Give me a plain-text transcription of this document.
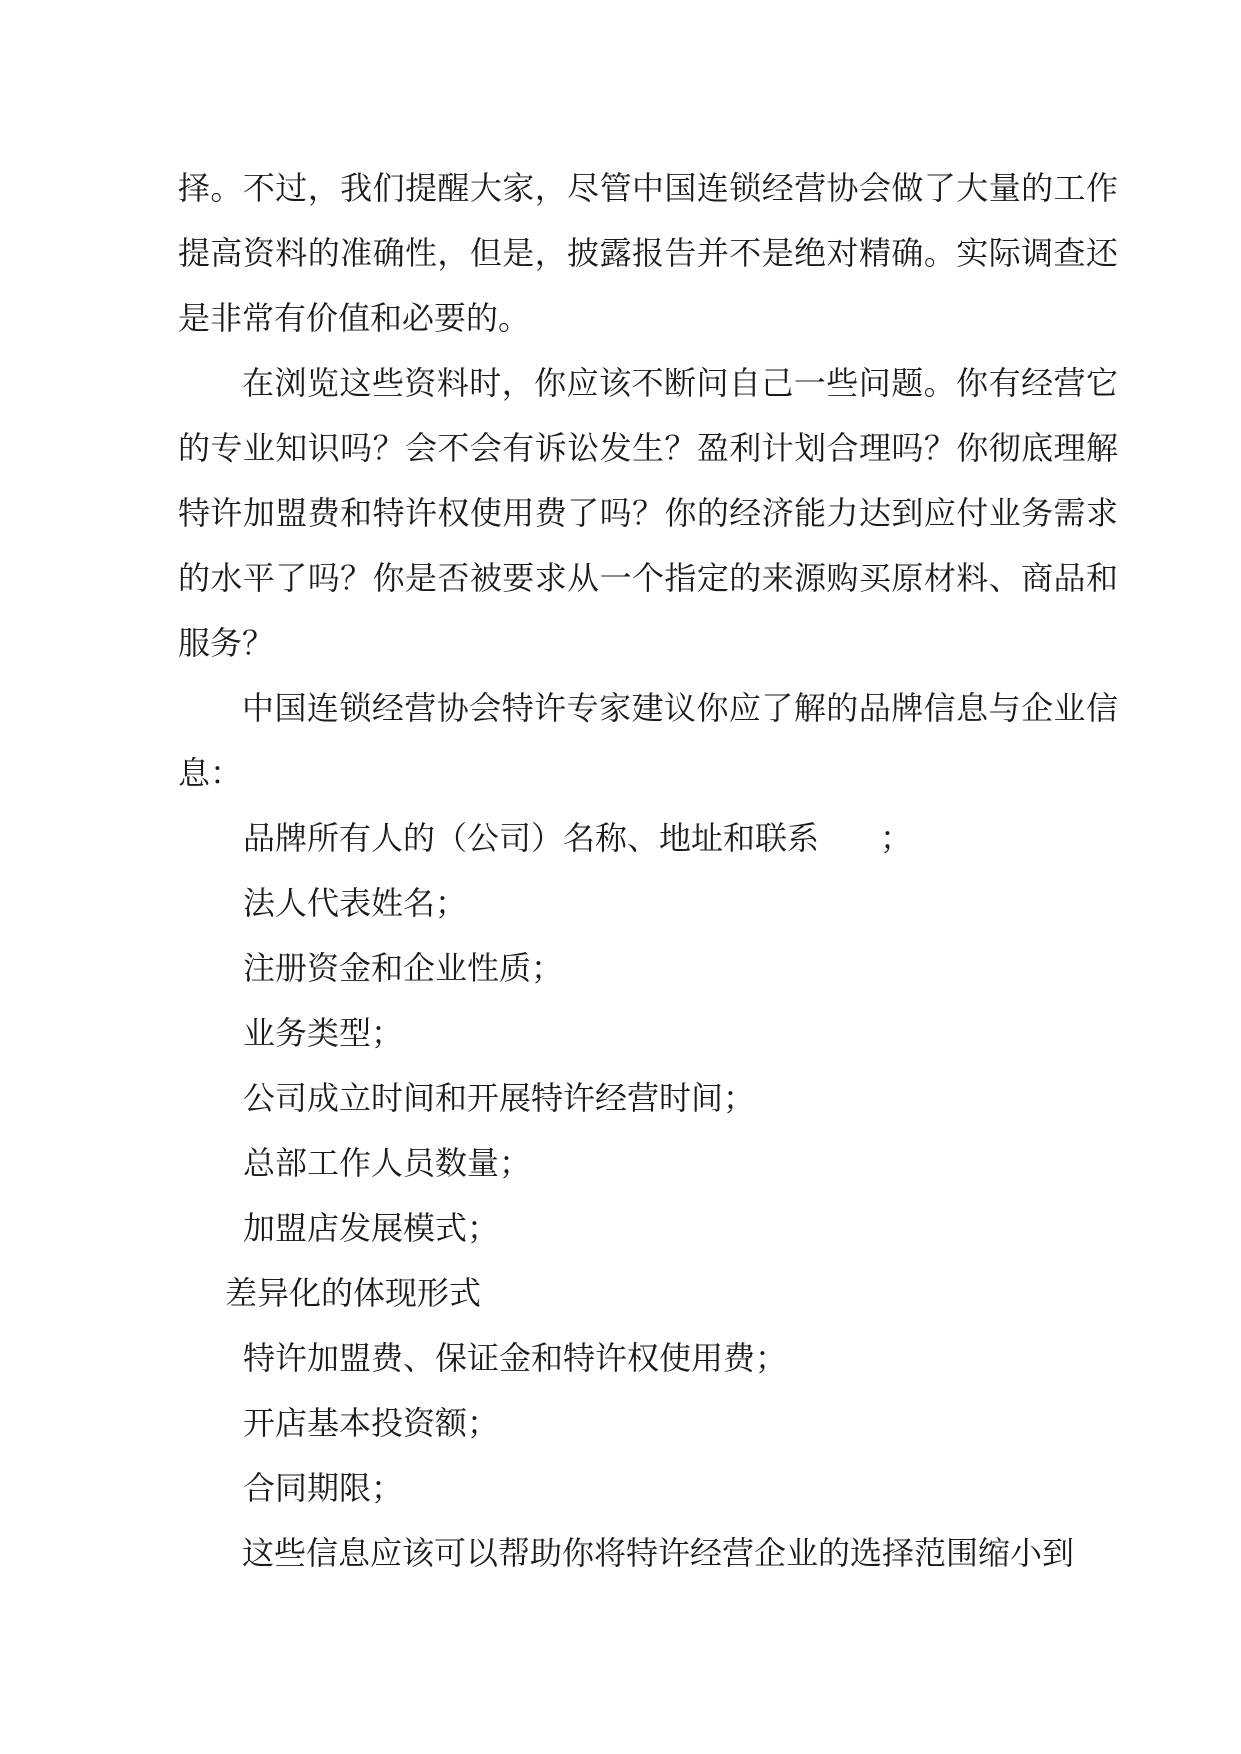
择。不过，我们提醒大家，尽管中国连锁经营协会做了大量的工作提高资料的准确性，但是，披露报告并不是绝对精确。实际调查还是非常有价值和必要的。

在浏览这些资料时，你应该不断问自己一些问题。你有经营它的专业知识吗？会不会有诉讼发生？盈利计划合理吗？你彻底理解特许加盟费和特许权使用费了吗？你的经济能力达到应付业务需求的水平了吗？你是否被要求从一个指定的来源购买原材料、商品和服务？

中国连锁经营协会特许专家建议你应了解的品牌信息与企业信息：

品牌所有人的（公司）名称、地址和联系      ；

法人代表姓名；

注册资金和企业性质；

业务类型；

公司成立时间和开展特许经营时间；

总部工作人员数量；

加盟店发展模式；

差异化的体现形式

特许加盟费、保证金和特许权使用费；

开店基本投资额；

合同期限；

这些信息应该可以帮助你将特许经营企业的选择范围缩小到
